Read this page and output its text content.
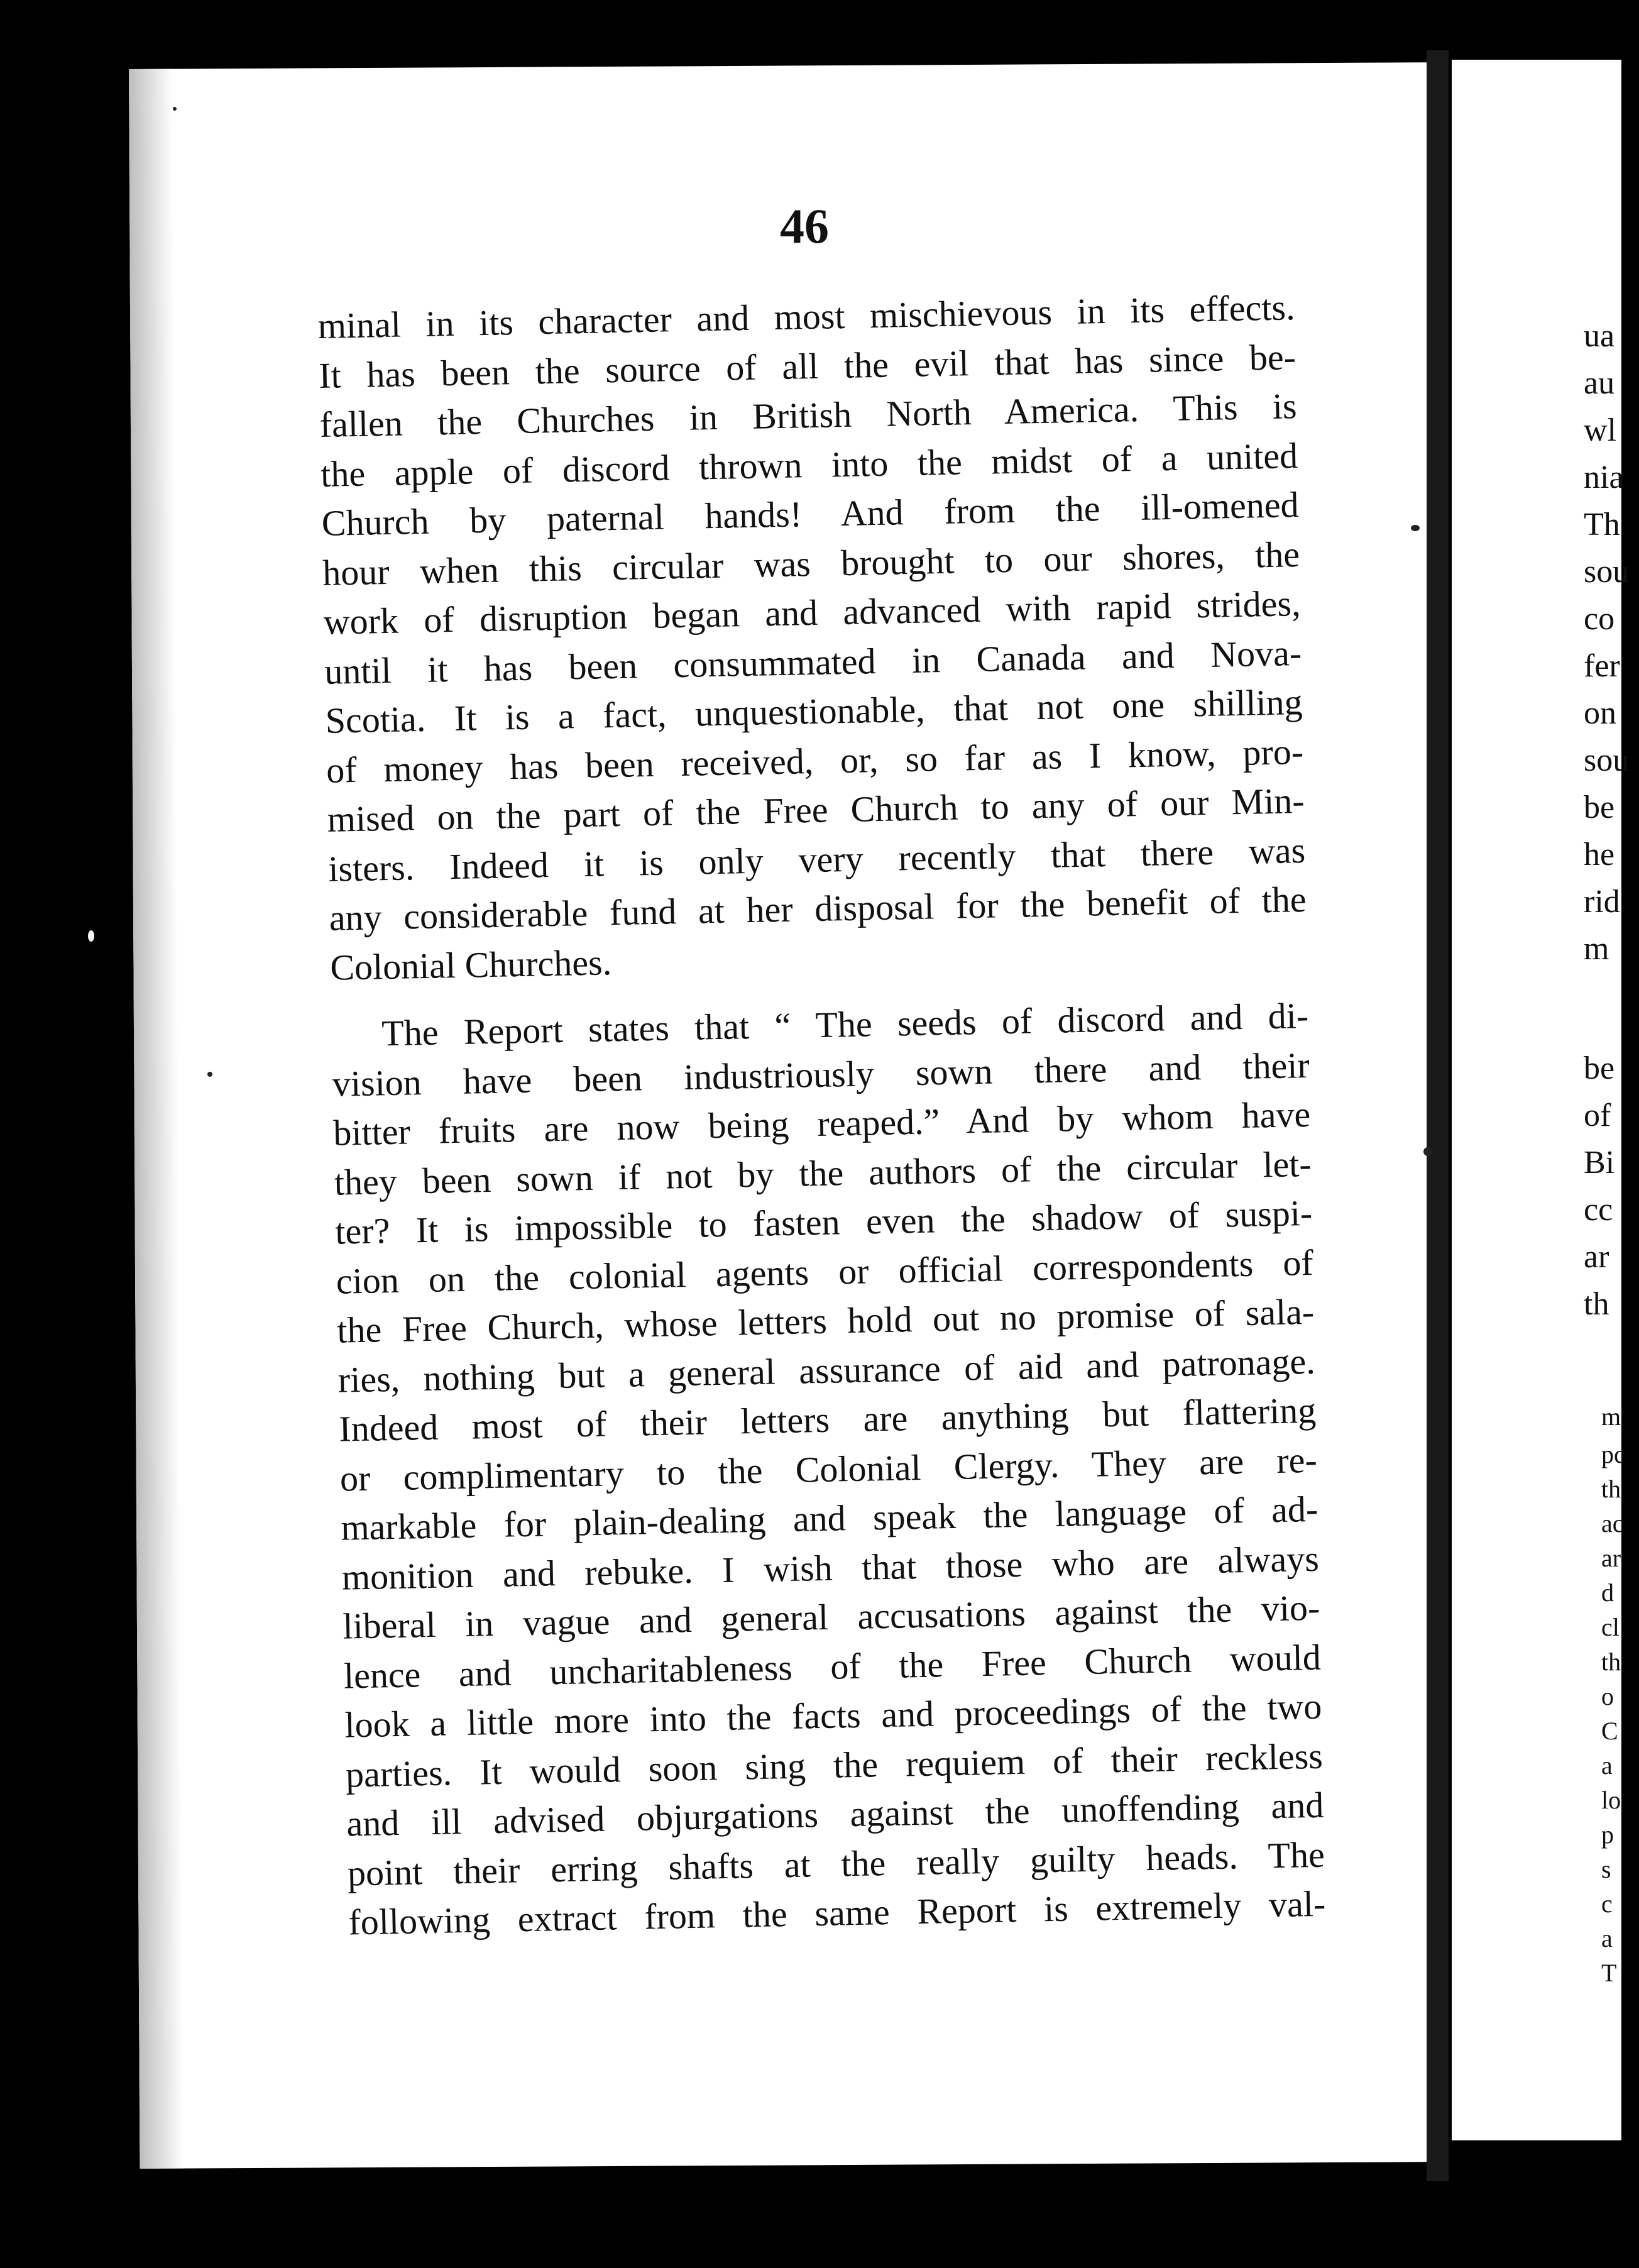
46
minal in its character and most mischievous in its effects.
It has been the source of all the evil that has since be-
fallen the Churches in British North America. This is
the apple of discord thrown into the midst of a united
Church by paternal hands! And from the ill-omened
hour when this circular was brought to our shores, the
work of disruption began and advanced with rapid strides,
until it has been consummated in Canada and Nova-
Scotia. It is a fact, unquestionable, that not one shilling
of money has been received, or, so far as I know, pro-
mised on the part of the Free Church to any of our Min-
isters. Indeed it is only very recently that there was
any considerable fund at her disposal for the benefit of the
Colonial Churches.
The Report states that “ The seeds of discord and di-
vision have been industriously sown there and their
bitter fruits are now being reaped.” And by whom have
they been sown if not by the authors of the circular let-
ter? It is impossible to fasten even the shadow of suspi-
cion on the colonial agents or official correspondents of
the Free Church, whose letters hold out no promise of sala-
ries, nothing but a general assurance of aid and patronage.
Indeed most of their letters are anything but flattering
or complimentary to the Colonial Clergy. They are re-
markable for plain-dealing and speak the language of ad-
monition and rebuke. I wish that those who are always
liberal in vague and general accusations against the vio-
lence and uncharitableness of the Free Church would
look a little more into the facts and proceedings of the two
parties. It would soon sing the requiem of their reckless
and ill advised objurgations against the unoffending and
point their erring shafts at the really guilty heads. The
following extract from the same Report is extremely val-
ua
au
wl
nia
Th
sou
co
fer
on
sou
be
he
rid
m
be
of
Bi
cc
ar
th
m
pc
th
ac
ar
d
cl
th
o
C
a
lo
p
s
c
a
T
